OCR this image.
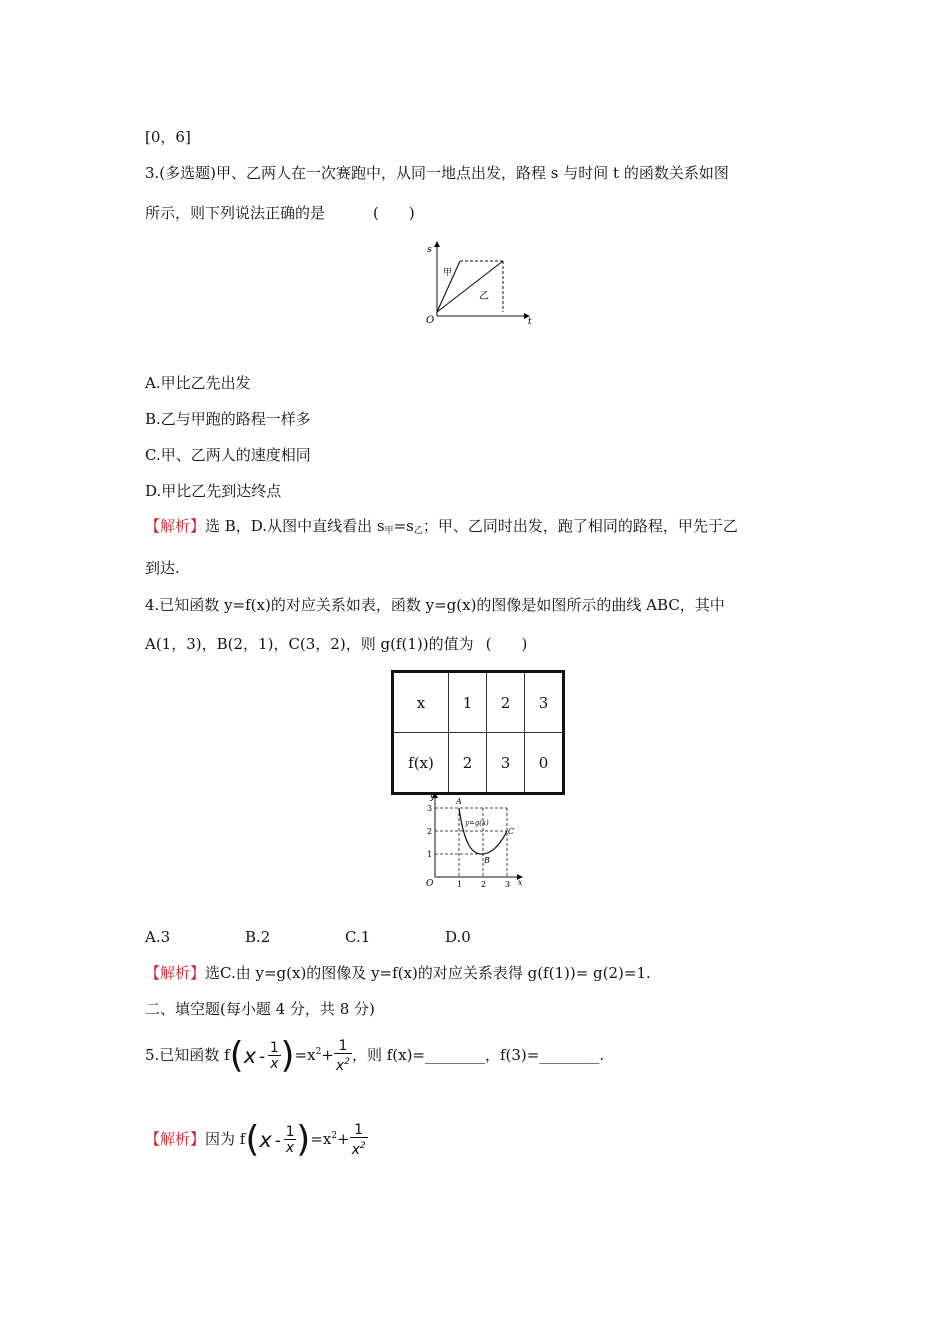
[0，6]
3.(多选题)甲、乙两人在一次赛跑中，从同一地点出发，路程 s 与时间 t 的函数关系如图
所示，则下列说法正确的是	(　　)
s
t
O
甲
乙
A.甲比乙先出发
B.乙与甲跑的路程一样多
C.甲、乙两人的速度相同
D.甲比乙先到达终点
【解析】选 B，D.从图中直线看出 $s_甲=s_乙$；甲、乙同时出发，跑了相同的路程，甲先于乙
到达.
4.已知函数 y=f(x)的对应关系如表，函数 y=g(x)的图像是如图所示的曲线 ABC，其中
A(1，3)，B(2，1)，C(3，2)，则 g(f(1))的值为 (　　)
x	1	2	3
f(x)	2	3	0
y
x
O	1 2 3
1
2
3
A
B
C
y=g(x)
A.3	B.2	C.1	D.0
【解析】选C.由 y=g(x)的图像及 y=f(x)的对应关系表得 g(f(1))= g(2)=1.
二、填空题(每小题 4 分，共 8 分)
5.已知函数 $f(x - \frac{1}{x} )=x^2+ \frac{1}{x^2}$ ，则 f(x)=________，f(3)=________.
【解析】因为 $f(x - \frac{1}{x} )=x^2+ \frac{1}{x^2}$
